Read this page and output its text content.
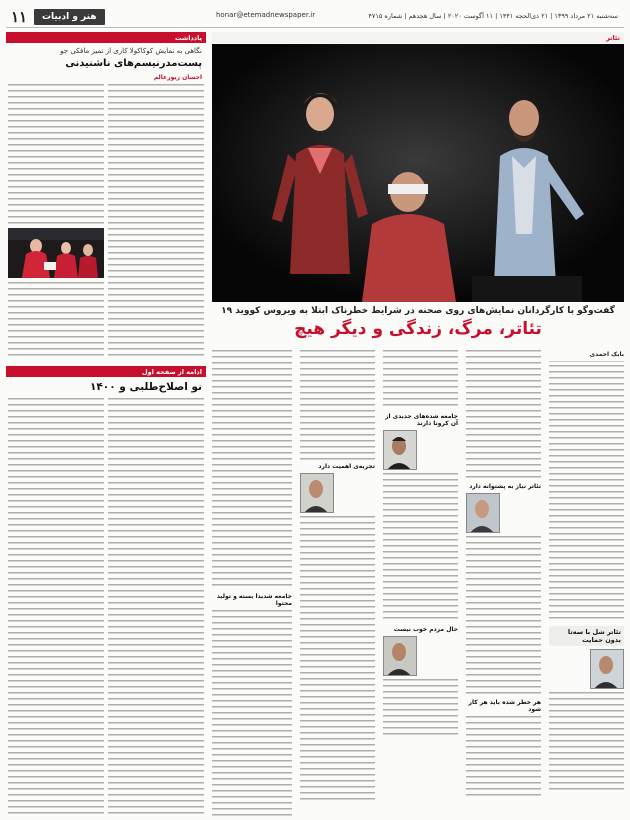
۱۱	هنر و ادبیات	honar@etemadnewspaper.ir	سه‌شنبه ۲۱ مرداد ۱۳۹۹ | ۲۱ ذی‌الحجه ۱۴۴۱ | ۱۱ آگوست ۲۰۲۰ | سال هجدهم | شماره ۴۷۱۵
یادداشت
نگاهی به نمایش کوکاکولا کاری از تمیز مافکی جو
پست‌مدرنیسم‌های ناشنیدنی
احسان زیورعالم
ادامه از صفحه اول
نو اصلاح‌طلبی و ۱۴۰۰
تئاتر
گفت‌وگو با کارگردانان نمایش‌های روی صحنه در شرایط خطرناک ابتلا به ویروس کووید ۱۹
تئاتر، مرگ، زندگی و دیگر هیچ
بابک احمدی
تئاتر شل با سه‌تا بدون حمایت
تئاتر نیاز به پشتوانه دارد
هر خطر شده باید هر کار شود
جامعه شده‌های جدیدی از آن کرونا دارند
حال مردم خوب نیست
تجربه‌ی اهمیت دارد
جامعه شدیدا بسته و تولید محتوا
